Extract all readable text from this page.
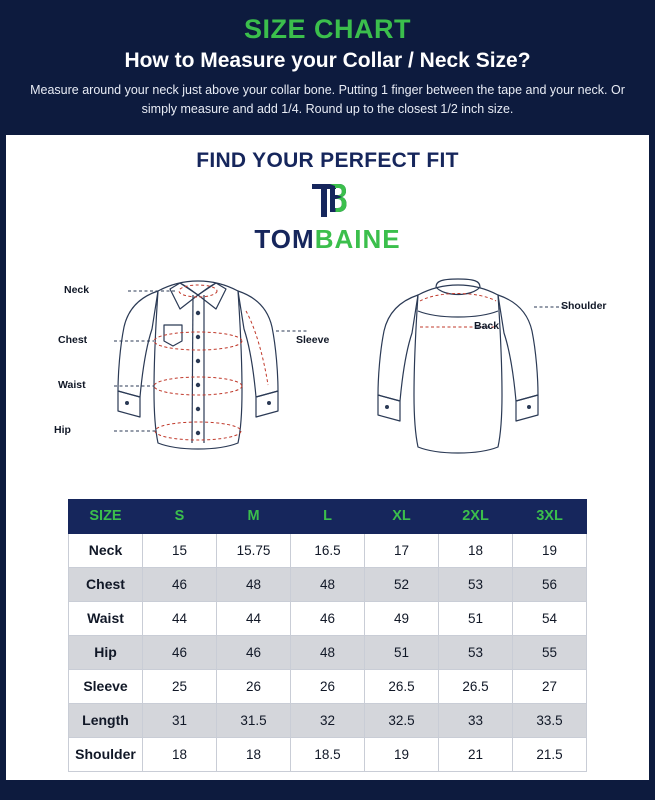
SIZE CHART
How to Measure your Collar / Neck Size?
Measure around your neck just above your collar bone. Putting 1 finger between the tape and your neck. Or simply measure and add 1/4. Round up to the closest 1/2 inch size.
FIND YOUR PERFECT FIT
TOMBAINE
Neck
Sleeve
Chest
Waist
Hip
Shoulder
Back
SIZE	S	M	L	XL	2XL	3XL
Neck	15	15.75	16.5	17	18	19
Chest	46	48	48	52	53	56
Waist	44	44	46	49	51	54
Hip	46	46	48	51	53	55
Sleeve	25	26	26	26.5	26.5	27
Length	31	31.5	32	32.5	33	33.5
Shoulder	18	18	18.5	19	21	21.5
